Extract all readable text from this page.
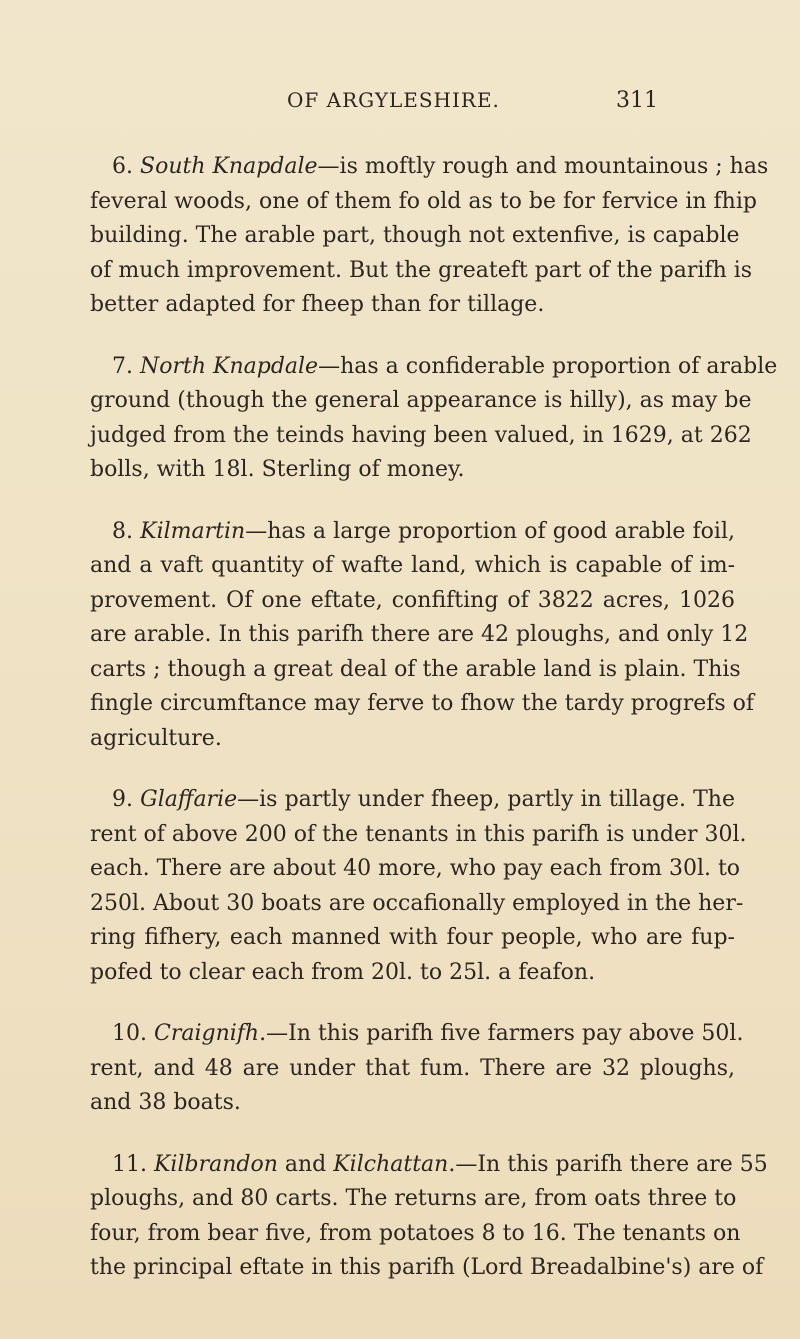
OF ARGYLESHIRE.	311
6. South Knapdale—is moftly rough and mountainous ; has
feveral woods, one of them fo old as to be for fervice in fhip
building. The arable part, though not extenfive, is capable
of much improvement. But the greateft part of the parifh is
better adapted for fheep than for tillage.
7. North Knapdale—has a confiderable proportion of arable
ground (though the general appearance is hilly), as may be
judged from the teinds having been valued, in 1629, at 262
bolls, with 18l. Sterling of money.
8. Kilmartin—has a large proportion of good arable foil,
and a vaft quantity of wafte land, which is capable of im-
provement. Of one eftate, confifting of 3822 acres, 1026
are arable. In this parifh there are 42 ploughs, and only 12
carts ; though a great deal of the arable land is plain. This
fingle circumftance may ferve to fhow the tardy progrefs of
agriculture.
9. Glaffarie—is partly under fheep, partly in tillage. The
rent of above 200 of the tenants in this parifh is under 30l.
each. There are about 40 more, who pay each from 30l. to
250l. About 30 boats are occafionally employed in the her-
ring fifhery, each manned with four people, who are fup-
pofed to clear each from 20l. to 25l. a feafon.
10. Craignifh.—In this parifh five farmers pay above 50l.
rent, and 48 are under that fum. There are 32 ploughs,
and 38 boats.
11. Kilbrandon and Kilchattan.—In this parifh there are 55
ploughs, and 80 carts. The returns are, from oats three to
four, from bear five, from potatoes 8 to 16. The tenants on
the principal eftate in this parifh (Lord Breadalbine's) are of
